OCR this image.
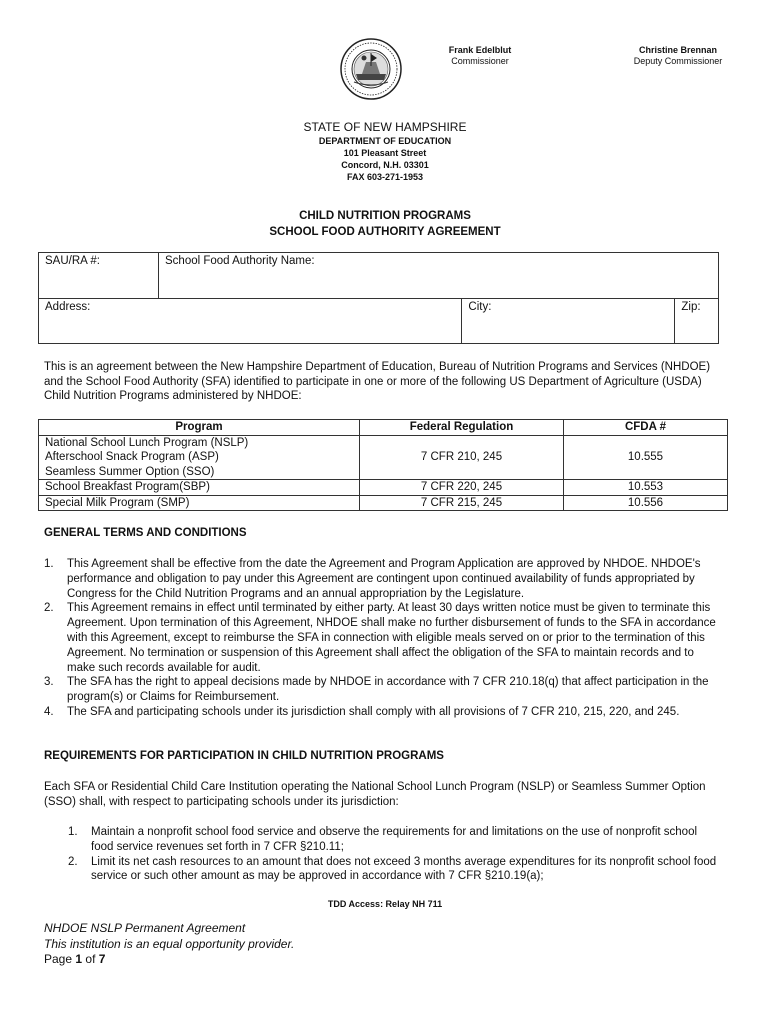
Frank Edelblut
Commissioner
Christine Brennan
Deputy Commissioner
STATE OF NEW HAMPSHIRE
DEPARTMENT OF EDUCATION
101 Pleasant Street
Concord, N.H. 03301
FAX 603-271-1953
CHILD NUTRITION PROGRAMS
SCHOOL FOOD AUTHORITY AGREEMENT
SAU/RA #:	School Food Authority Name:		
Address:		City:	Zip:
This is an agreement between the New Hampshire Department of Education, Bureau of Nutrition Programs and Services (NHDOE) and the School Food Authority (SFA) identified to participate in one or more of the following US Department of Agriculture (USDA) Child Nutrition Programs administered by NHDOE:
Program	Federal Regulation	CFDA #

National School Lunch Program (NSLP)
Afterschool Snack Program (ASP)
Seamless Summer Option (SSO)	7 CFR 210, 245	10.555
School Breakfast Program(SBP)	7 CFR 220, 245	10.553
Special Milk Program (SMP)	7 CFR 215, 245	10.556
GENERAL TERMS AND CONDITIONS
1. This Agreement shall be effective from the date the Agreement and Program Application are approved by NHDOE. NHDOE's performance and obligation to pay under this Agreement are contingent upon continued availability of funds appropriated by Congress for the Child Nutrition Programs and an annual appropriation by the Legislature.
2. This Agreement remains in effect until terminated by either party. At least 30 days written notice must be given to terminate this Agreement. Upon termination of this Agreement, NHDOE shall make no further disbursement of funds to the SFA in accordance with this Agreement, except to reimburse the SFA in connection with eligible meals served on or prior to the termination of this Agreement. No termination or suspension of this Agreement shall affect the obligation of the SFA to maintain records and to make such records available for audit.
3. The SFA has the right to appeal decisions made by NHDOE in accordance with 7 CFR 210.18(q) that affect participation in the program(s) or Claims for Reimbursement.
4. The SFA and participating schools under its jurisdiction shall comply with all provisions of 7 CFR 210, 215, 220, and 245.
REQUIREMENTS FOR PARTICIPATION IN CHILD NUTRITION PROGRAMS
Each SFA or Residential Child Care Institution operating the National School Lunch Program (NSLP) or Seamless Summer Option (SSO) shall, with respect to participating schools under its jurisdiction:
1. Maintain a nonprofit school food service and observe the requirements for and limitations on the use of nonprofit school food service revenues set forth in 7 CFR §210.11;
2. Limit its net cash resources to an amount that does not exceed 3 months average expenditures for its nonprofit school food service or such other amount as may be approved in accordance with 7 CFR §210.19(a);
TDD Access: Relay NH 711
NHDOE NSLP Permanent Agreement
This institution is an equal opportunity provider.
Page 1 of 7
